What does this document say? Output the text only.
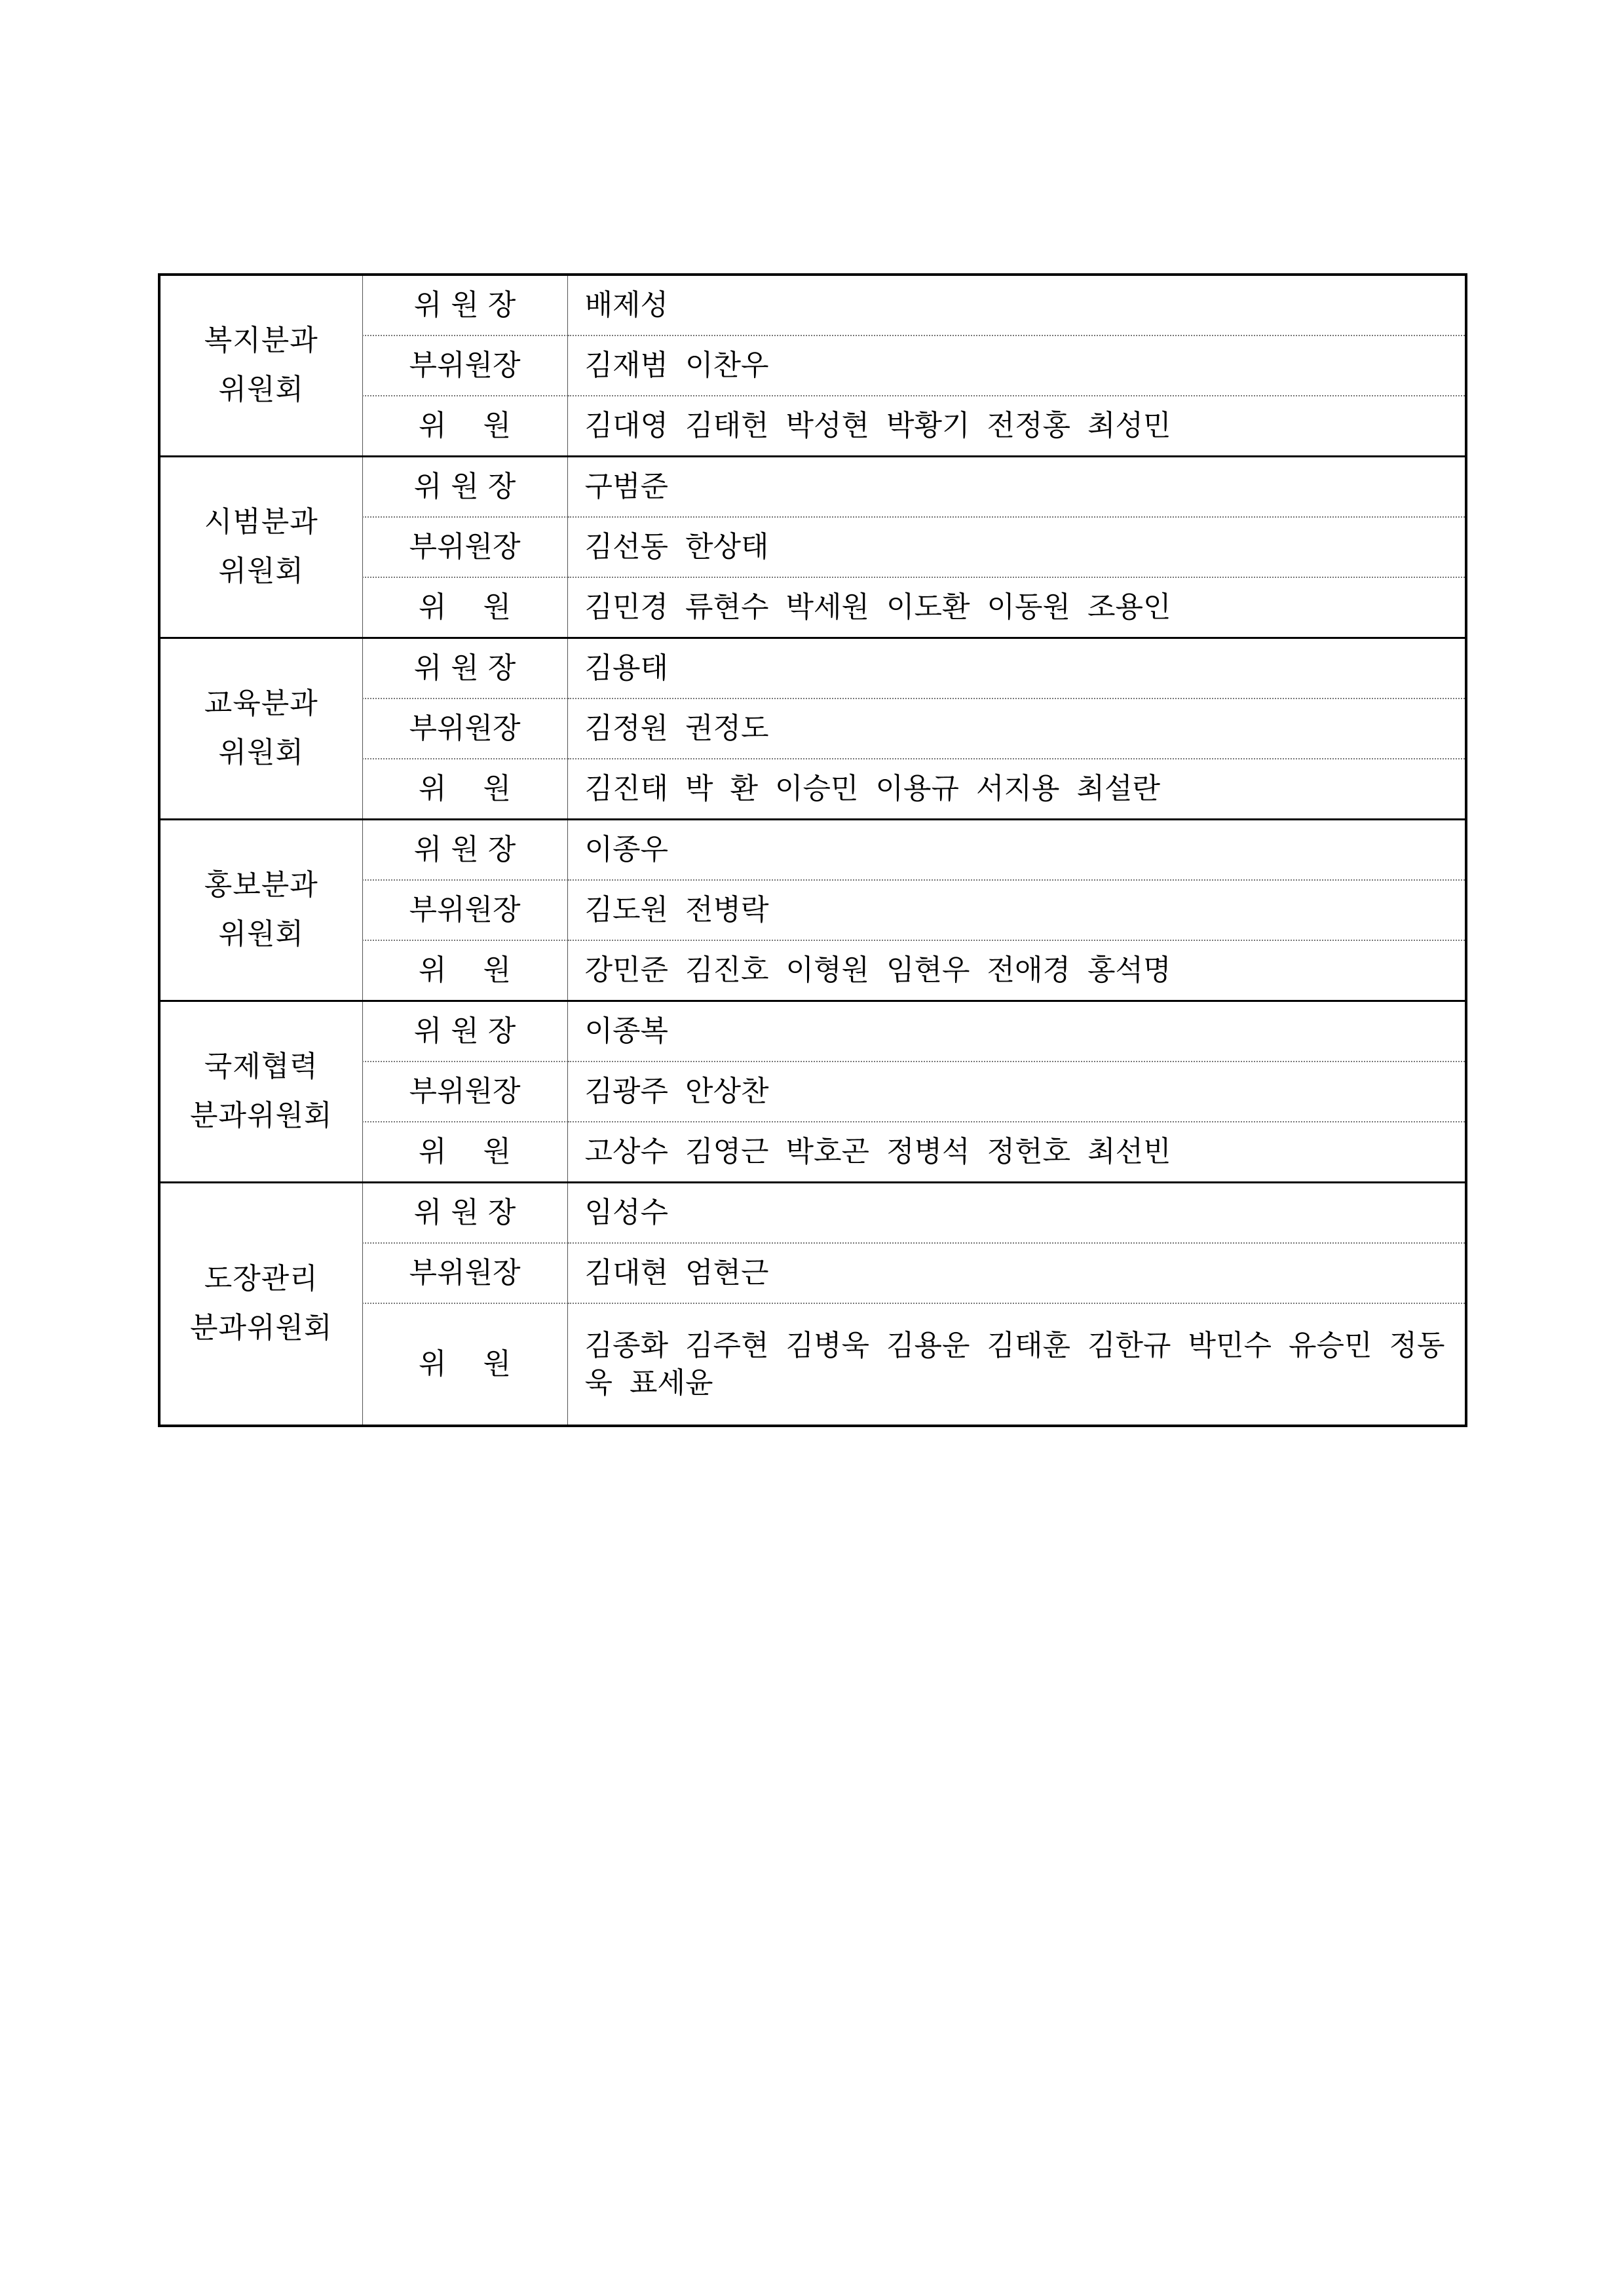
복지분과
위원회	위 원 장	배제성
	부위원장	김재범 이찬우
	위    원	김대영 김태헌 박성현 박황기 전정홍 최성민
시범분과
위원회	위 원 장	구범준
	부위원장	김선동 한상태
	위    원	김민경 류현수 박세원 이도환 이동원 조용인
교육분과
위원회	위 원 장	김용태
	부위원장	김정원 권정도
	위    원	김진태 박 환 이승민 이용규 서지용 최설란
홍보분과
위원회	위 원 장	이종우
	부위원장	김도원 전병락
	위    원	강민준 김진호 이형원 임현우 전애경 홍석명
국제협력
분과위원회	위 원 장	이종복
	부위원장	김광주 안상찬
	위    원	고상수 김영근 박호곤 정병석 정헌호 최선빈
도장관리
분과위원회	위 원 장	임성수
	부위원장	김대현 엄현근
	위    원	김종화 김주현 김병욱 김용운 김태훈 김한규 박민수 유승민 정동욱 표세윤
